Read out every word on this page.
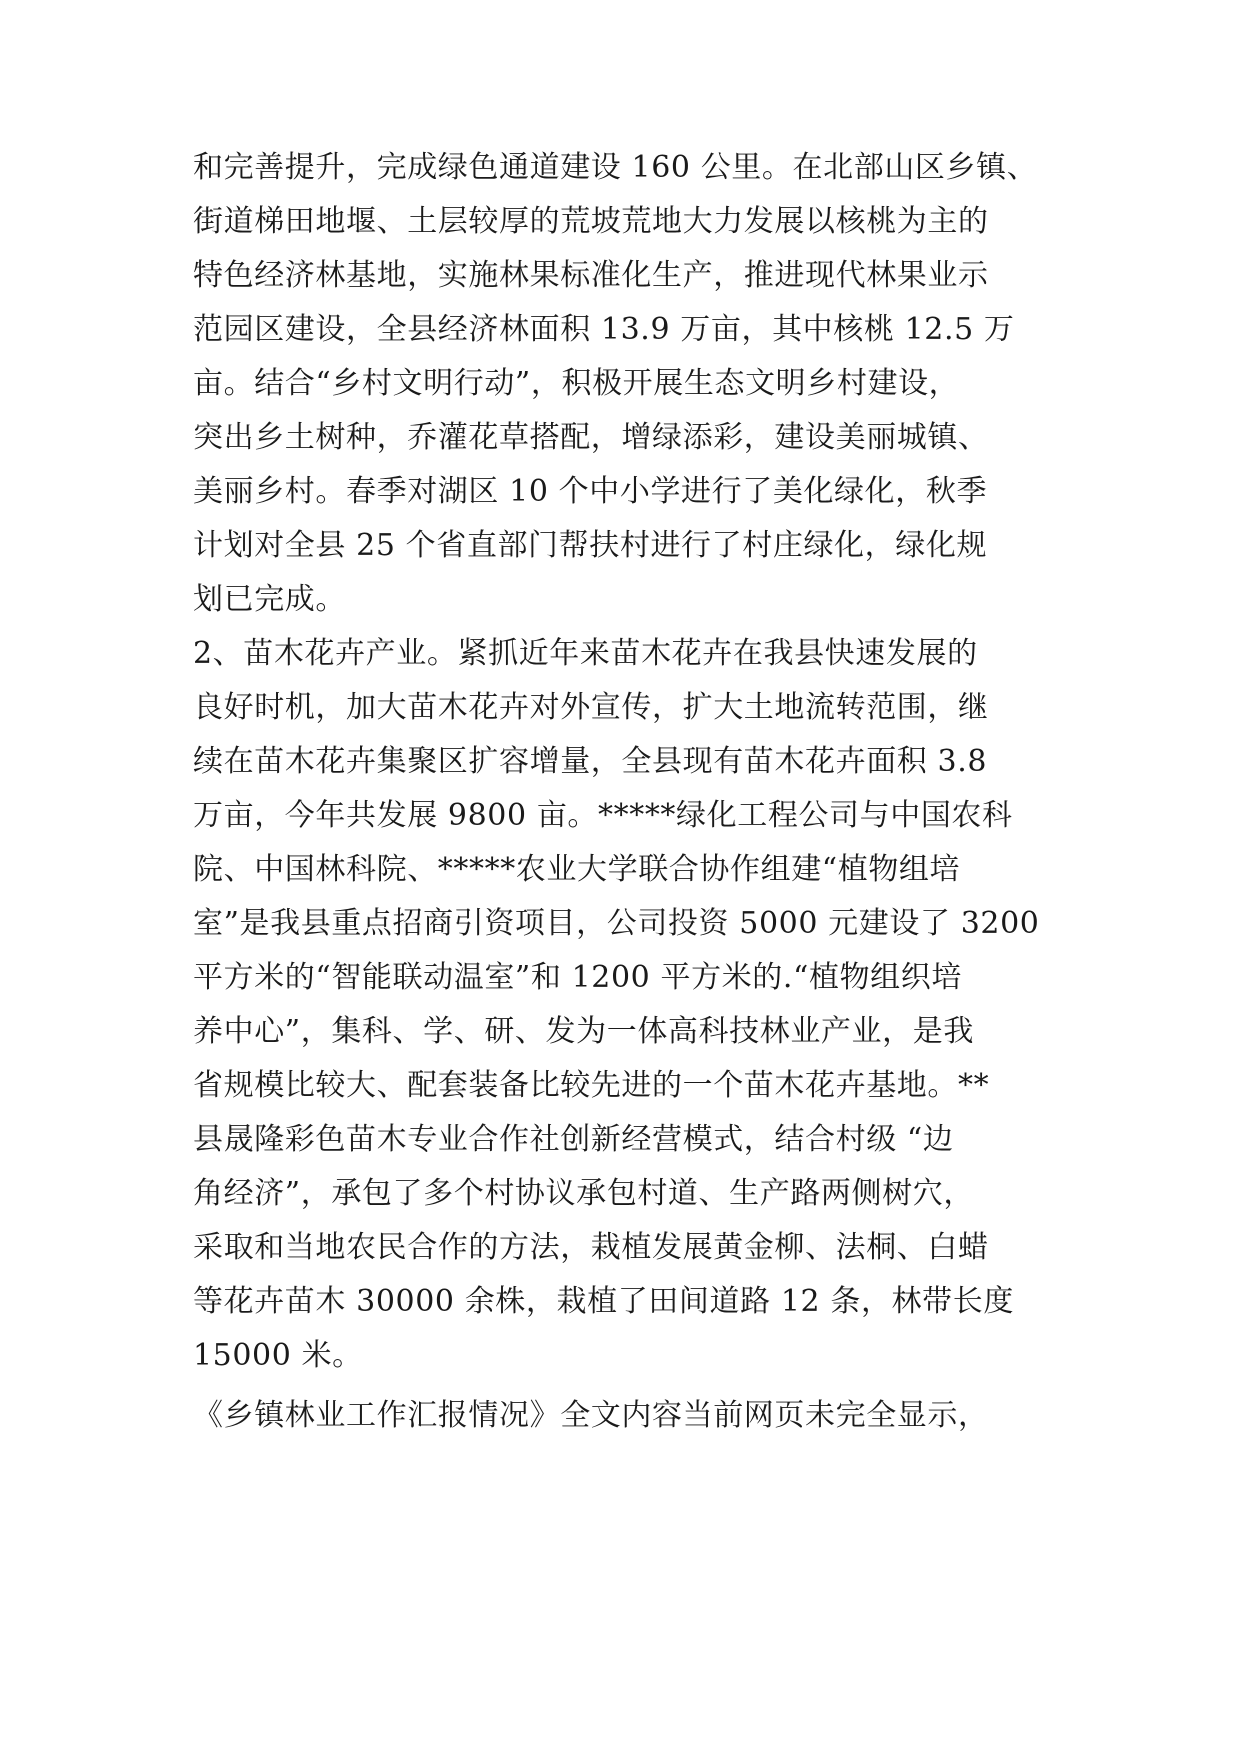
和完善提升，完成绿色通道建设 160 公里。在北部山区乡镇、
街道梯田地堰、土层较厚的荒坡荒地大力发展以核桃为主的
特色经济林基地，实施林果标准化生产，推进现代林果业示
范园区建设，全县经济林面积 13.9 万亩，其中核桃 12.5 万
亩。结合“乡村文明行动”，积极开展生态文明乡村建设，
突出乡土树种，乔灌花草搭配，增绿添彩，建设美丽城镇、
美丽乡村。春季对湖区 10 个中小学进行了美化绿化，秋季
计划对全县 25 个省直部门帮扶村进行了村庄绿化，绿化规
划已完成。
2、苗木花卉产业。紧抓近年来苗木花卉在我县快速发展的
良好时机，加大苗木花卉对外宣传，扩大土地流转范围，继
续在苗木花卉集聚区扩容增量，全县现有苗木花卉面积 3.8
万亩，今年共发展 9800 亩。*****绿化工程公司与中国农科
院、中国林科院、*****农业大学联合协作组建“植物组培
室”是我县重点招商引资项目，公司投资 5000 元建设了 3200
平方米的“智能联动温室”和 1200 平方米的.“植物组织培
养中心”，集科、学、研、发为一体高科技林业产业，是我
省规模比较大、配套装备比较先进的一个苗木花卉基地。**
县晟隆彩色苗木专业合作社创新经营模式，结合村级 “边
角经济”，承包了多个村协议承包村道、生产路两侧树穴，
采取和当地农民合作的方法，栽植发展黄金柳、法桐、白蜡
等花卉苗木 30000 余株，栽植了田间道路 12 条，林带长度
15000 米。
《乡镇林业工作汇报情况》全文内容当前网页未完全显示，
